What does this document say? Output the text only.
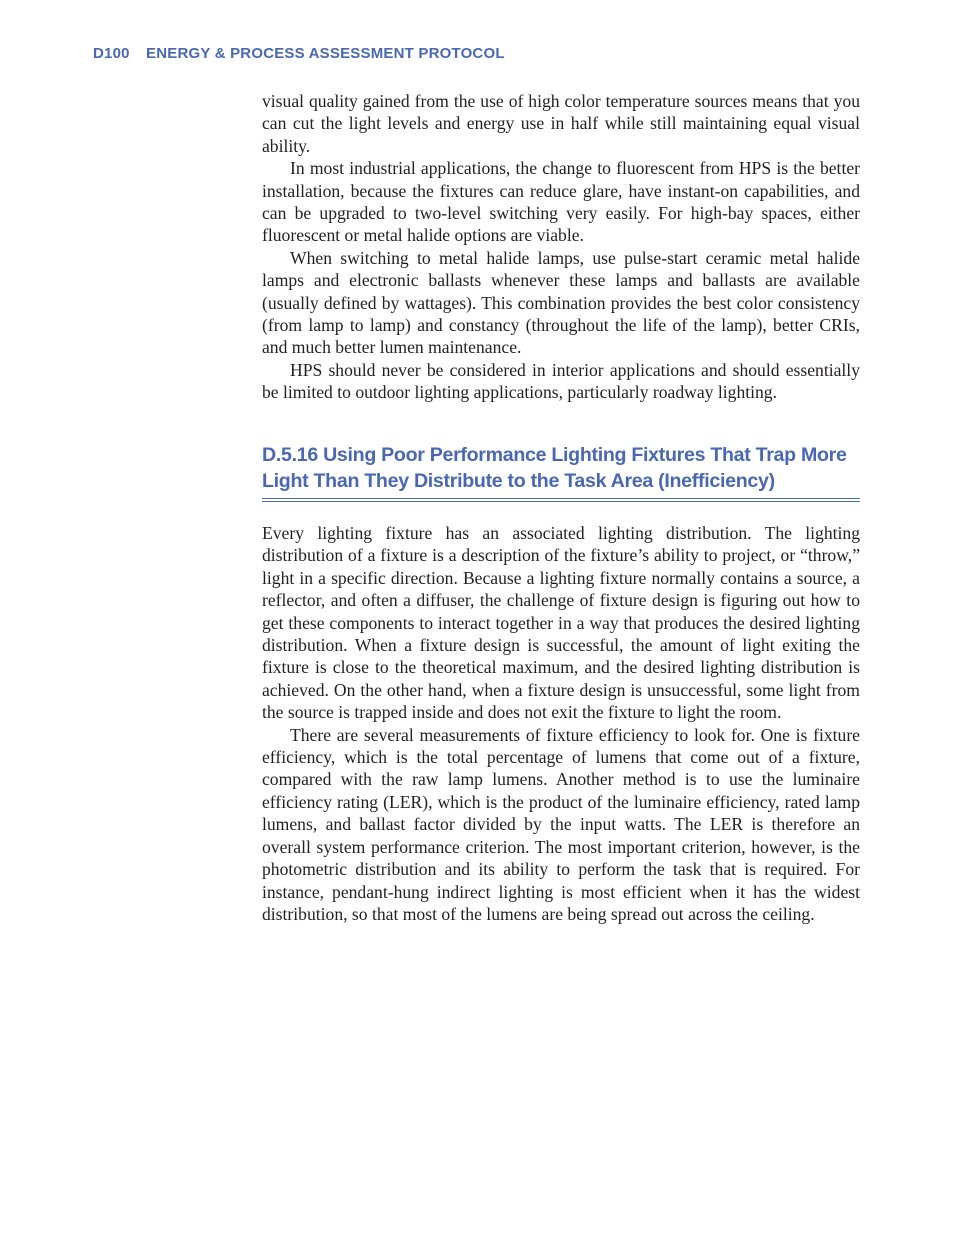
D100 ENERGY & PROCESS ASSESSMENT PROTOCOL

visual quality gained from the use of high color temperature sources means that you can cut the light levels and energy use in half while still maintaining equal visual ability.

In most industrial applications, the change to fluorescent from HPS is the better installation, because the fixtures can reduce glare, have instant-on capabilities, and can be upgraded to two-level switching very easily. For high-bay spaces, either fluorescent or metal halide options are viable.

When switching to metal halide lamps, use pulse-start ceramic metal halide lamps and electronic ballasts whenever these lamps and ballasts are available (usually defined by wattages). This combination provides the best color consistency (from lamp to lamp) and constancy (throughout the life of the lamp), better CRIs, and much better lumen maintenance.

HPS should never be considered in interior applications and should essentially be limited to outdoor lighting applications, particularly roadway lighting.

D.5.16 Using Poor Performance Lighting Fixtures That Trap More Light Than They Distribute to the Task Area (Inefficiency)

Every lighting fixture has an associated lighting distribution. The lighting distribution of a fixture is a description of the fixture’s ability to project, or “throw,” light in a specific direction. Because a lighting fixture normally contains a source, a reflector, and often a diffuser, the challenge of fixture design is figuring out how to get these components to interact together in a way that produces the desired lighting distribution. When a fixture design is successful, the amount of light exiting the fixture is close to the theoretical maximum, and the desired lighting distribution is achieved. On the other hand, when a fixture design is unsuccessful, some light from the source is trapped inside and does not exit the fixture to light the room.

There are several measurements of fixture efficiency to look for. One is fixture efficiency, which is the total percentage of lumens that come out of a fixture, compared with the raw lamp lumens. Another method is to use the luminaire efficiency rating (LER), which is the product of the luminaire efficiency, rated lamp lumens, and ballast factor divided by the input watts. The LER is therefore an overall system performance criterion. The most important criterion, however, is the photometric distribution and its ability to perform the task that is required. For instance, pendant-hung indirect lighting is most efficient when it has the widest distribution, so that most of the lumens are being spread out across the ceiling.
